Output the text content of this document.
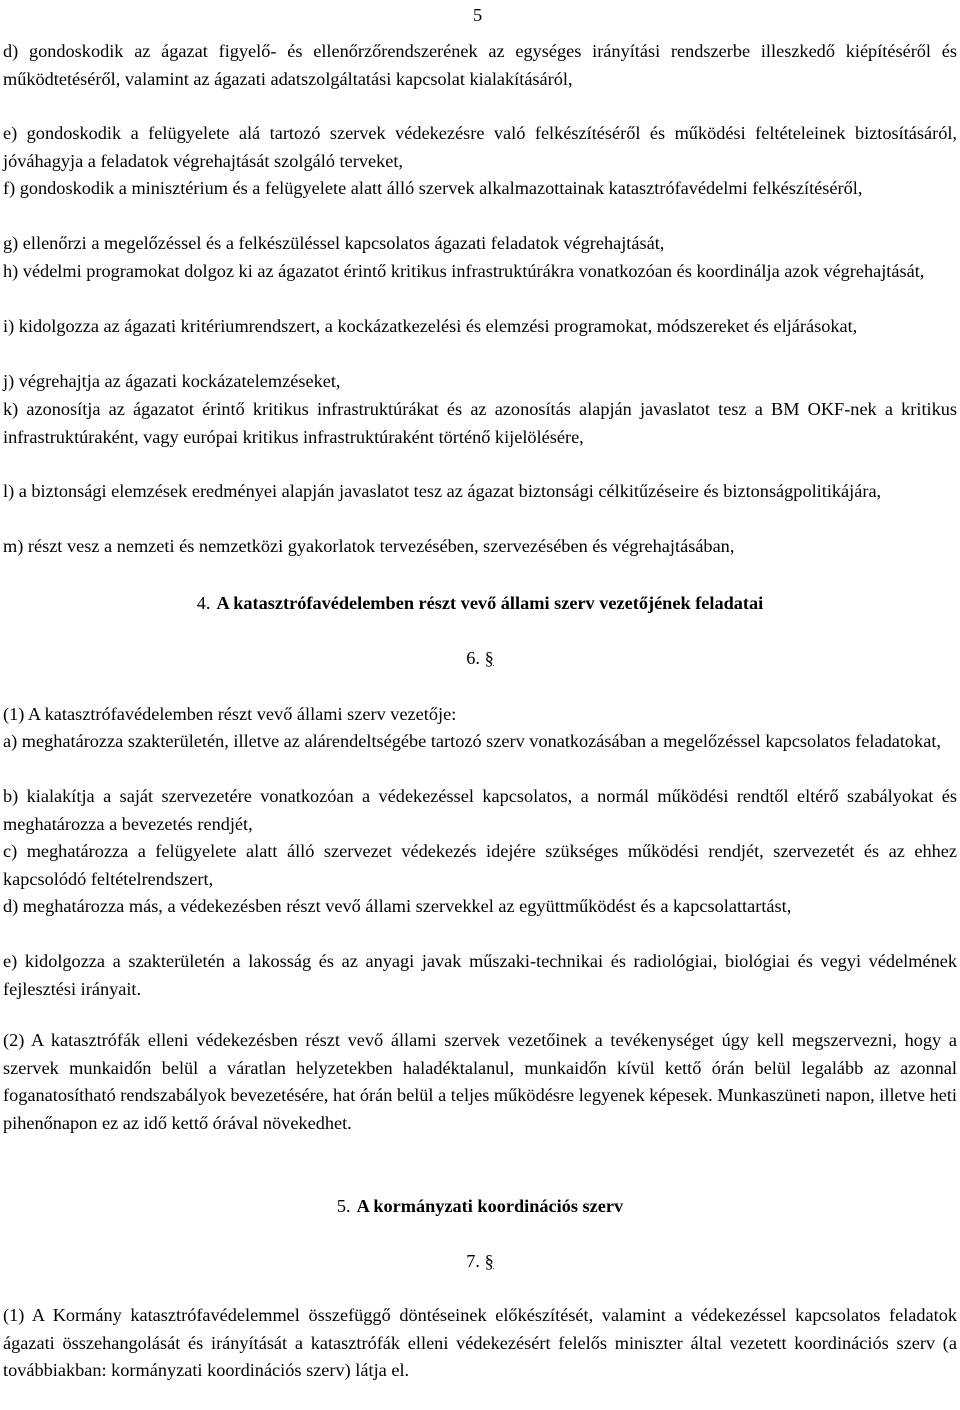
5
d) gondoskodik az ágazat figyelő- és ellenőrzőrendszerének az egységes irányítási rendszerbe illeszkedő kiépítéséről és működtetéséről, valamint az ágazati adatszolgáltatási kapcsolat kialakításáról,
e) gondoskodik a felügyelete alá tartozó szervek védekezésre való felkészítéséről és működési feltételeinek biztosításáról, jóváhagyja a feladatok végrehajtását szolgáló terveket,
f) gondoskodik a minisztérium és a felügyelete alatt álló szervek alkalmazottainak katasztrófavédelmi felkészítéséről,
g) ellenőrzi a megelőzéssel és a felkészüléssel kapcsolatos ágazati feladatok végrehajtását,
h) védelmi programokat dolgoz ki az ágazatot érintő kritikus infrastruktúrákra vonatkozóan és koordinálja azok végrehajtását,
i) kidolgozza az ágazati kritériumrendszert, a kockázatkezelési és elemzési programokat, módszereket és eljárásokat,
j) végrehajtja az ágazati kockázatelemzéseket,
k) azonosítja az ágazatot érintő kritikus infrastruktúrákat és az azonosítás alapján javaslatot tesz a BM OKF-nek a kritikus infrastruktúraként, vagy európai kritikus infrastruktúraként történő kijelölésére,
l) a biztonsági elemzések eredményei alapján javaslatot tesz az ágazat biztonsági célkitűzéseire és biztonságpolitikájára,
m) részt vesz a nemzeti és nemzetközi gyakorlatok tervezésében, szervezésében és végrehajtásában,
4. A katasztrófavédelemben részt vevő állami szerv vezetőjének feladatai
6. §
(1) A katasztrófavédelemben részt vevő állami szerv vezetője:
a) meghatározza szakterületén, illetve az alárendeltségébe tartozó szerv vonatkozásában a megelőzéssel kapcsolatos feladatokat,
b) kialakítja a saját szervezetére vonatkozóan a védekezéssel kapcsolatos, a normál működési rendtől eltérő szabályokat és meghatározza a bevezetés rendjét,
c) meghatározza a felügyelete alatt álló szervezet védekezés idejére szükséges működési rendjét, szervezetét és az ehhez kapcsolódó feltételrendszert,
d) meghatározza más, a védekezésben részt vevő állami szervekkel az együttműködést és a kapcsolattartást,
e) kidolgozza a szakterületén a lakosság és az anyagi javak műszaki-technikai és radiológiai, biológiai és vegyi védelmének fejlesztési irányait.
(2) A katasztrófák elleni védekezésben részt vevő állami szervek vezetőinek a tevékenységet úgy kell megszervezni, hogy a szervek munkaidőn belül a váratlan helyzetekben haladéktalanul, munkaidőn kívül kettő órán belül legalább az azonnal foganatosítható rendszabályok bevezetésére, hat órán belül a teljes működésre legyenek képesek. Munkaszüneti napon, illetve heti pihenőnapon ez az idő kettő órával növekedhet.
5. A kormányzati koordinációs szerv
7. §
(1) A Kormány katasztrófavédelemmel összefüggő döntéseinek előkészítését, valamint a védekezéssel kapcsolatos feladatok ágazati összehangolását és irányítását a katasztrófák elleni védekezésért felelős miniszter által vezetett koordinációs szerv (a továbbiakban: kormányzati koordinációs szerv) látja el.
